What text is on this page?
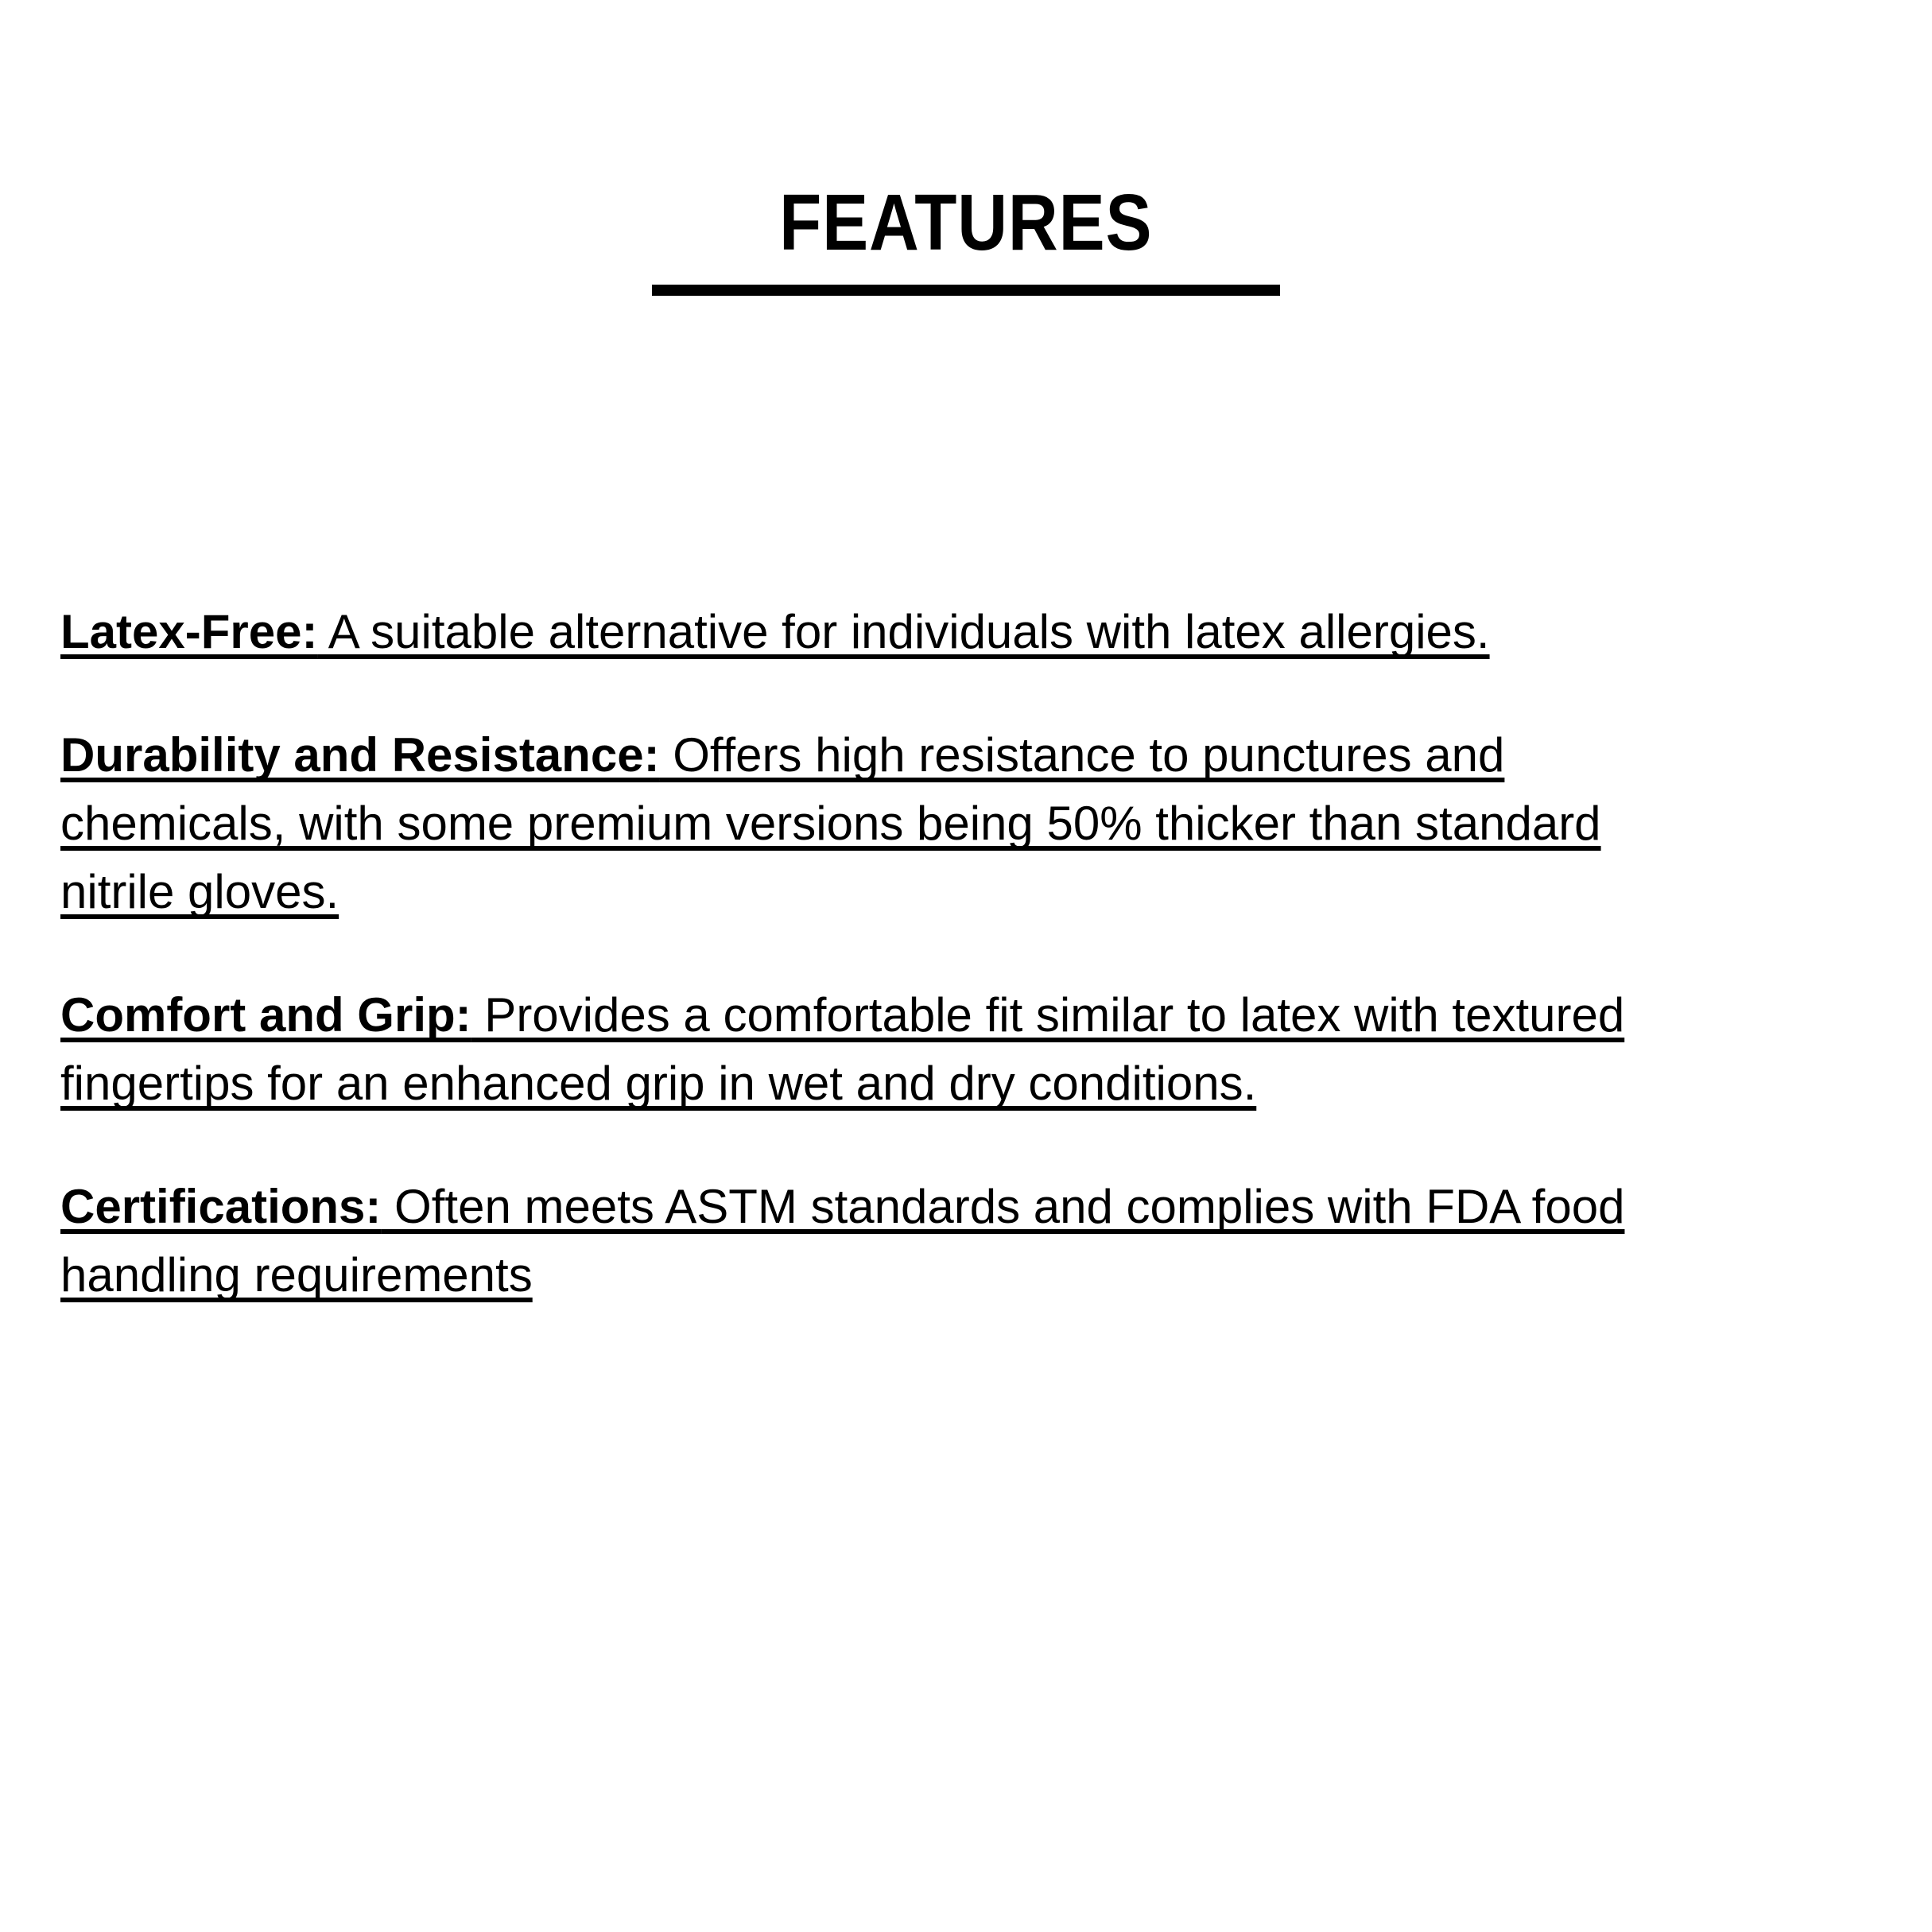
FEATURES

Latex-Free: A suitable alternative for individuals with latex allergies.

Durability and Resistance: Offers high resistance to punctures and
chemicals, with some premium versions being 50% thicker than standard
nitrile gloves.

Comfort and Grip: Provides a comfortable fit similar to latex with textured
fingertips for an enhanced grip in wet and dry conditions.

Certifications: Often meets ASTM standards and complies with FDA food
handling requirements
